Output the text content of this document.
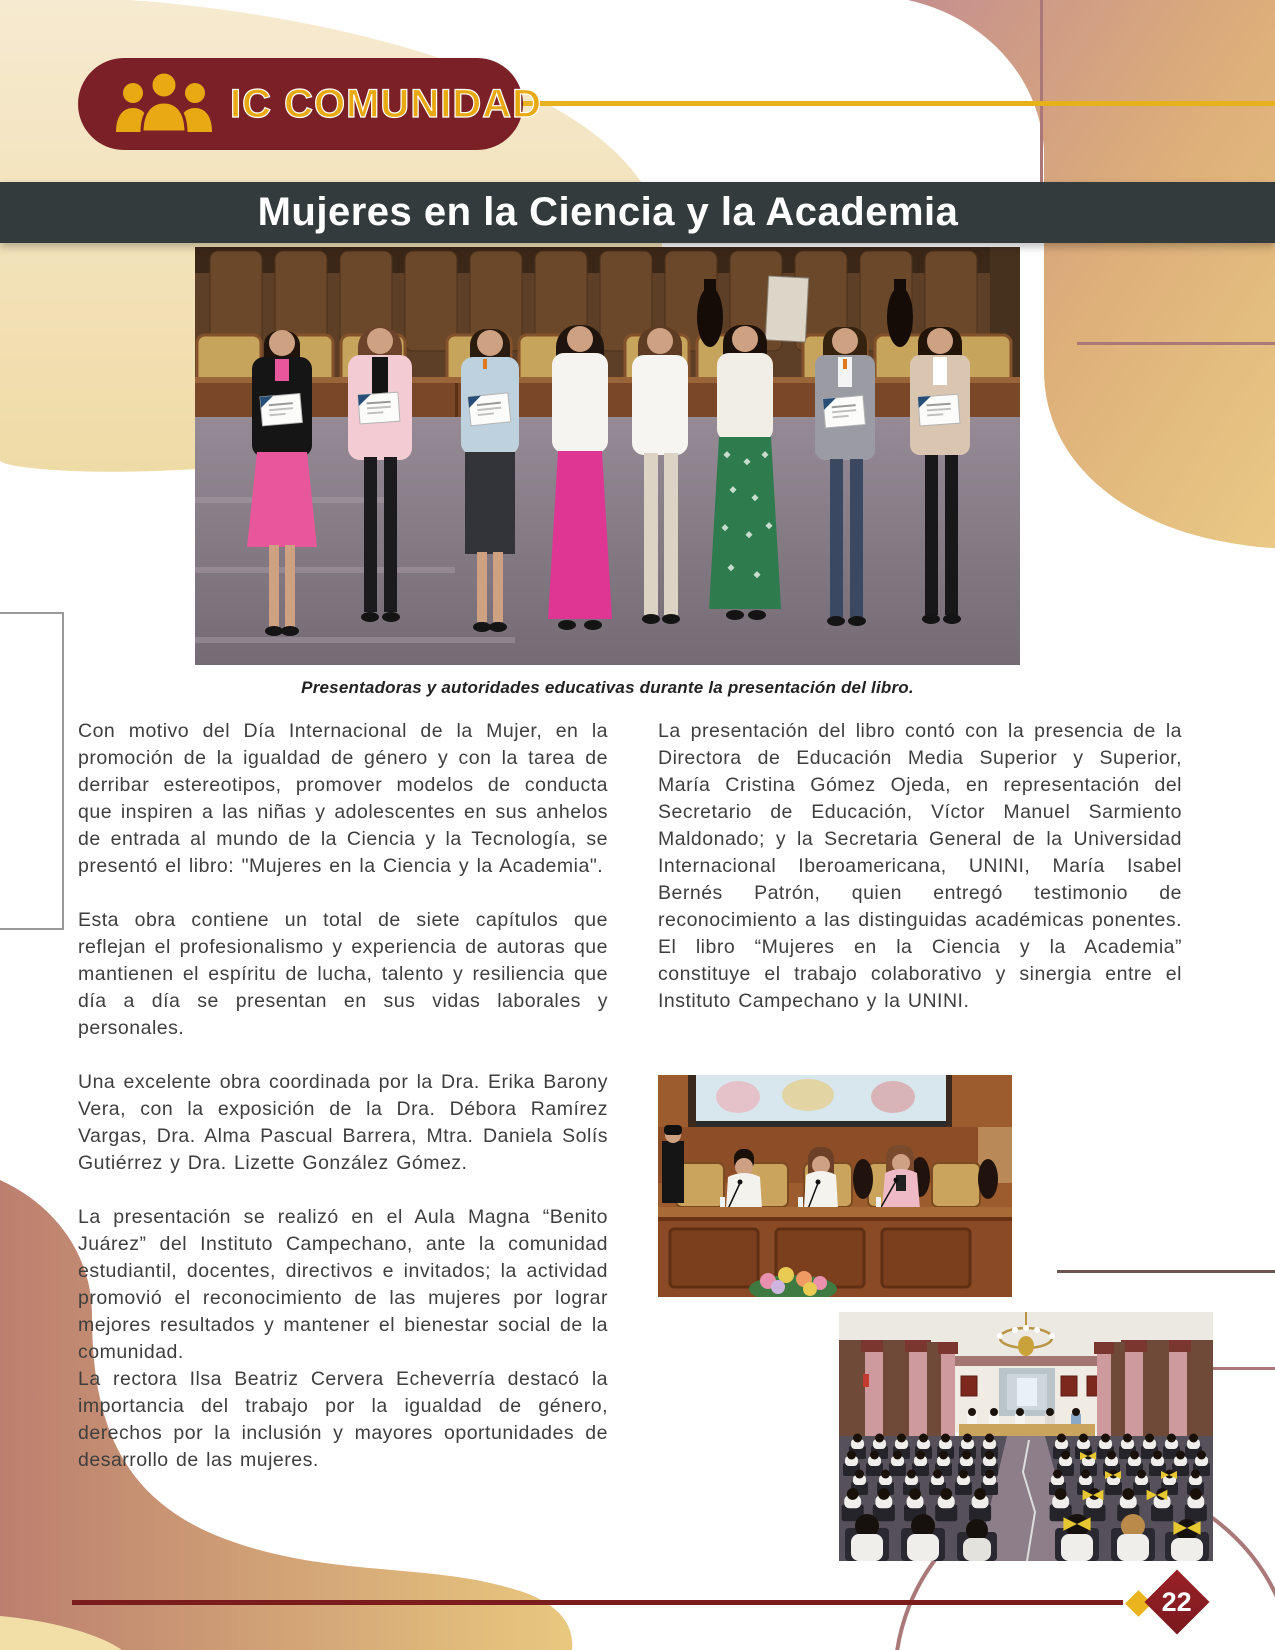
IC COMUNIDAD
Mujeres en la Ciencia y la Academia
Presentadoras y autoridades educativas durante la presentación del libro.

Con motivo del Día Internacional de la Mujer, en la promoción de la igualdad de género y con la tarea de derribar estereotipos, promover modelos de conducta que inspiren a las niñas y adolescentes en sus anhelos de entrada al mundo de la Ciencia y la Tecnología, se presentó el libro: "Mujeres en la Ciencia y la Academia".

Esta obra contiene un total de siete capítulos que reflejan el profesionalismo y experiencia de autoras que mantienen el espíritu de lucha, talento y resiliencia que día a día se presentan en sus vidas laborales y personales.

Una excelente obra coordinada por la Dra. Erika Barony Vera, con la exposición de la Dra. Débora Ramírez Vargas, Dra. Alma Pascual Barrera, Mtra. Daniela Solís Gutiérrez y Dra. Lizette González Gómez.

La presentación se realizó en el Aula Magna “Benito Juárez” del Instituto Campechano, ante la comunidad estudiantil, docentes, directivos e invitados; la actividad promovió el reconocimiento de las mujeres por lograr mejores resultados y mantener el bienestar social de la comunidad.

La rectora Ilsa Beatriz Cervera Echeverría destacó la importancia del trabajo por la igualdad de género, derechos por la inclusión y mayores oportunidades de desarrollo de las mujeres.

La presentación del libro contó con la presencia de la Directora de Educación Media Superior y Superior, María Cristina Gómez Ojeda, en representación del Secretario de Educación, Víctor Manuel Sarmiento Maldonado; y la Secretaria General de la Universidad Internacional Iberoamericana, UNINI, María Isabel Bernés Patrón, quien entregó testimonio de reconocimiento a las distinguidas académicas ponentes. El libro “Mujeres en la Ciencia y la Academia” constituye el trabajo colaborativo y sinergia entre el Instituto Campechano y la UNINI.

22
